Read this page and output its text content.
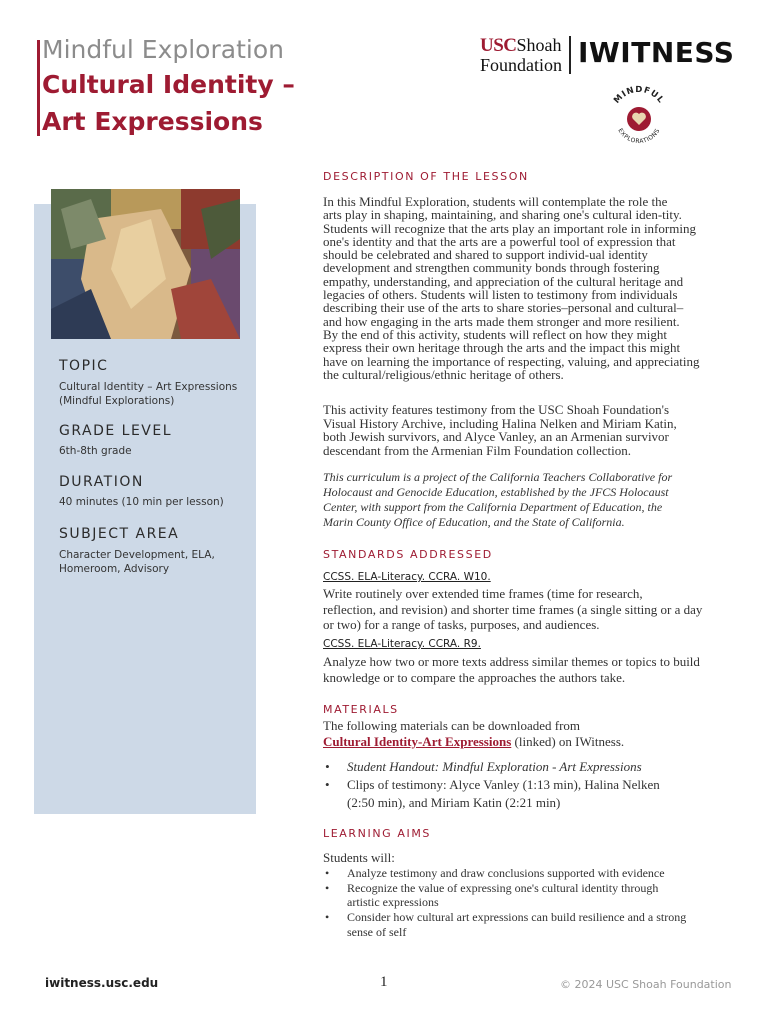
Mindful Exploration
Cultural Identity –
Art Expressions
USCShoah
Foundation IWITNESS
MINDFUL
EXPLORATIONS
TOPIC
Cultural Identity – Art Expressions
(Mindful Explorations)
GRADE LEVEL
6th-8th grade
DURATION
40 minutes (10 min per lesson)
SUBJECT AREA
Character Development, ELA,
Homeroom, Advisory
DESCRIPTION OF THE LESSON
In this Mindful Exploration, students will contemplate the role the
arts play in shaping, maintaining, and sharing one's cultural iden-tity.
Students will recognize that the arts play an important role in informing
one's identity and that the arts are a powerful tool of expression that
should be celebrated and shared to support individ-ual identity
development and strengthen community bonds through fostering
empathy, understanding, and appreciation of the cultural heritage and
legacies of others. Students will listen to testimony from individuals
describing their use of the arts to share stories–personal and cultural–
and how engaging in the arts made them stronger and more resilient.
By the end of this activity, students will reflect on how they might
express their own heritage through the arts and the impact this might
have on learning the importance of respecting, valuing, and appreciating
the cultural/religious/ethnic heritage of others.
This activity features testimony from the USC Shoah Foundation's
Visual History Archive, including Halina Nelken and Miriam Katin,
both Jewish survivors, and Alyce Vanley, an an Armenian survivor
descendant from the Armenian Film Foundation collection.
This curriculum is a project of the California Teachers Collaborative for
Holocaust and Genocide Education, established by the JFCS Holocaust
Center, with support from the California Department of Education, the
Marin County Office of Education, and the State of California.
STANDARDS ADDRESSED
CCSS. ELA-Literacy. CCRA. W10.
Write routinely over extended time frames (time for research,
reflection, and revision) and shorter time frames (a single sitting or a day
or two) for a range of tasks, purposes, and audiences.
CCSS. ELA-Literacy. CCRA. R9.
Analyze how two or more texts address similar themes or topics to build
knowledge or to compare the approaches the authors take.
MATERIALS
The following materials can be downloaded from
Cultural Identity-Art Expressions (linked) on IWitness.
• Student Handout: Mindful Exploration - Art Expressions
• Clips of testimony: Alyce Vanley (1:13 min), Halina Nelken
(2:50 min), and Miriam Katin (2:21 min)
LEARNING AIMS
Students will:
• Analyze testimony and draw conclusions supported with evidence
• Recognize the value of expressing one's cultural identity through
artistic expressions
• Consider how cultural art expressions can build resilience and a strong
sense of self
iwitness.usc.edu	1	© 2024 USC Shoah Foundation
